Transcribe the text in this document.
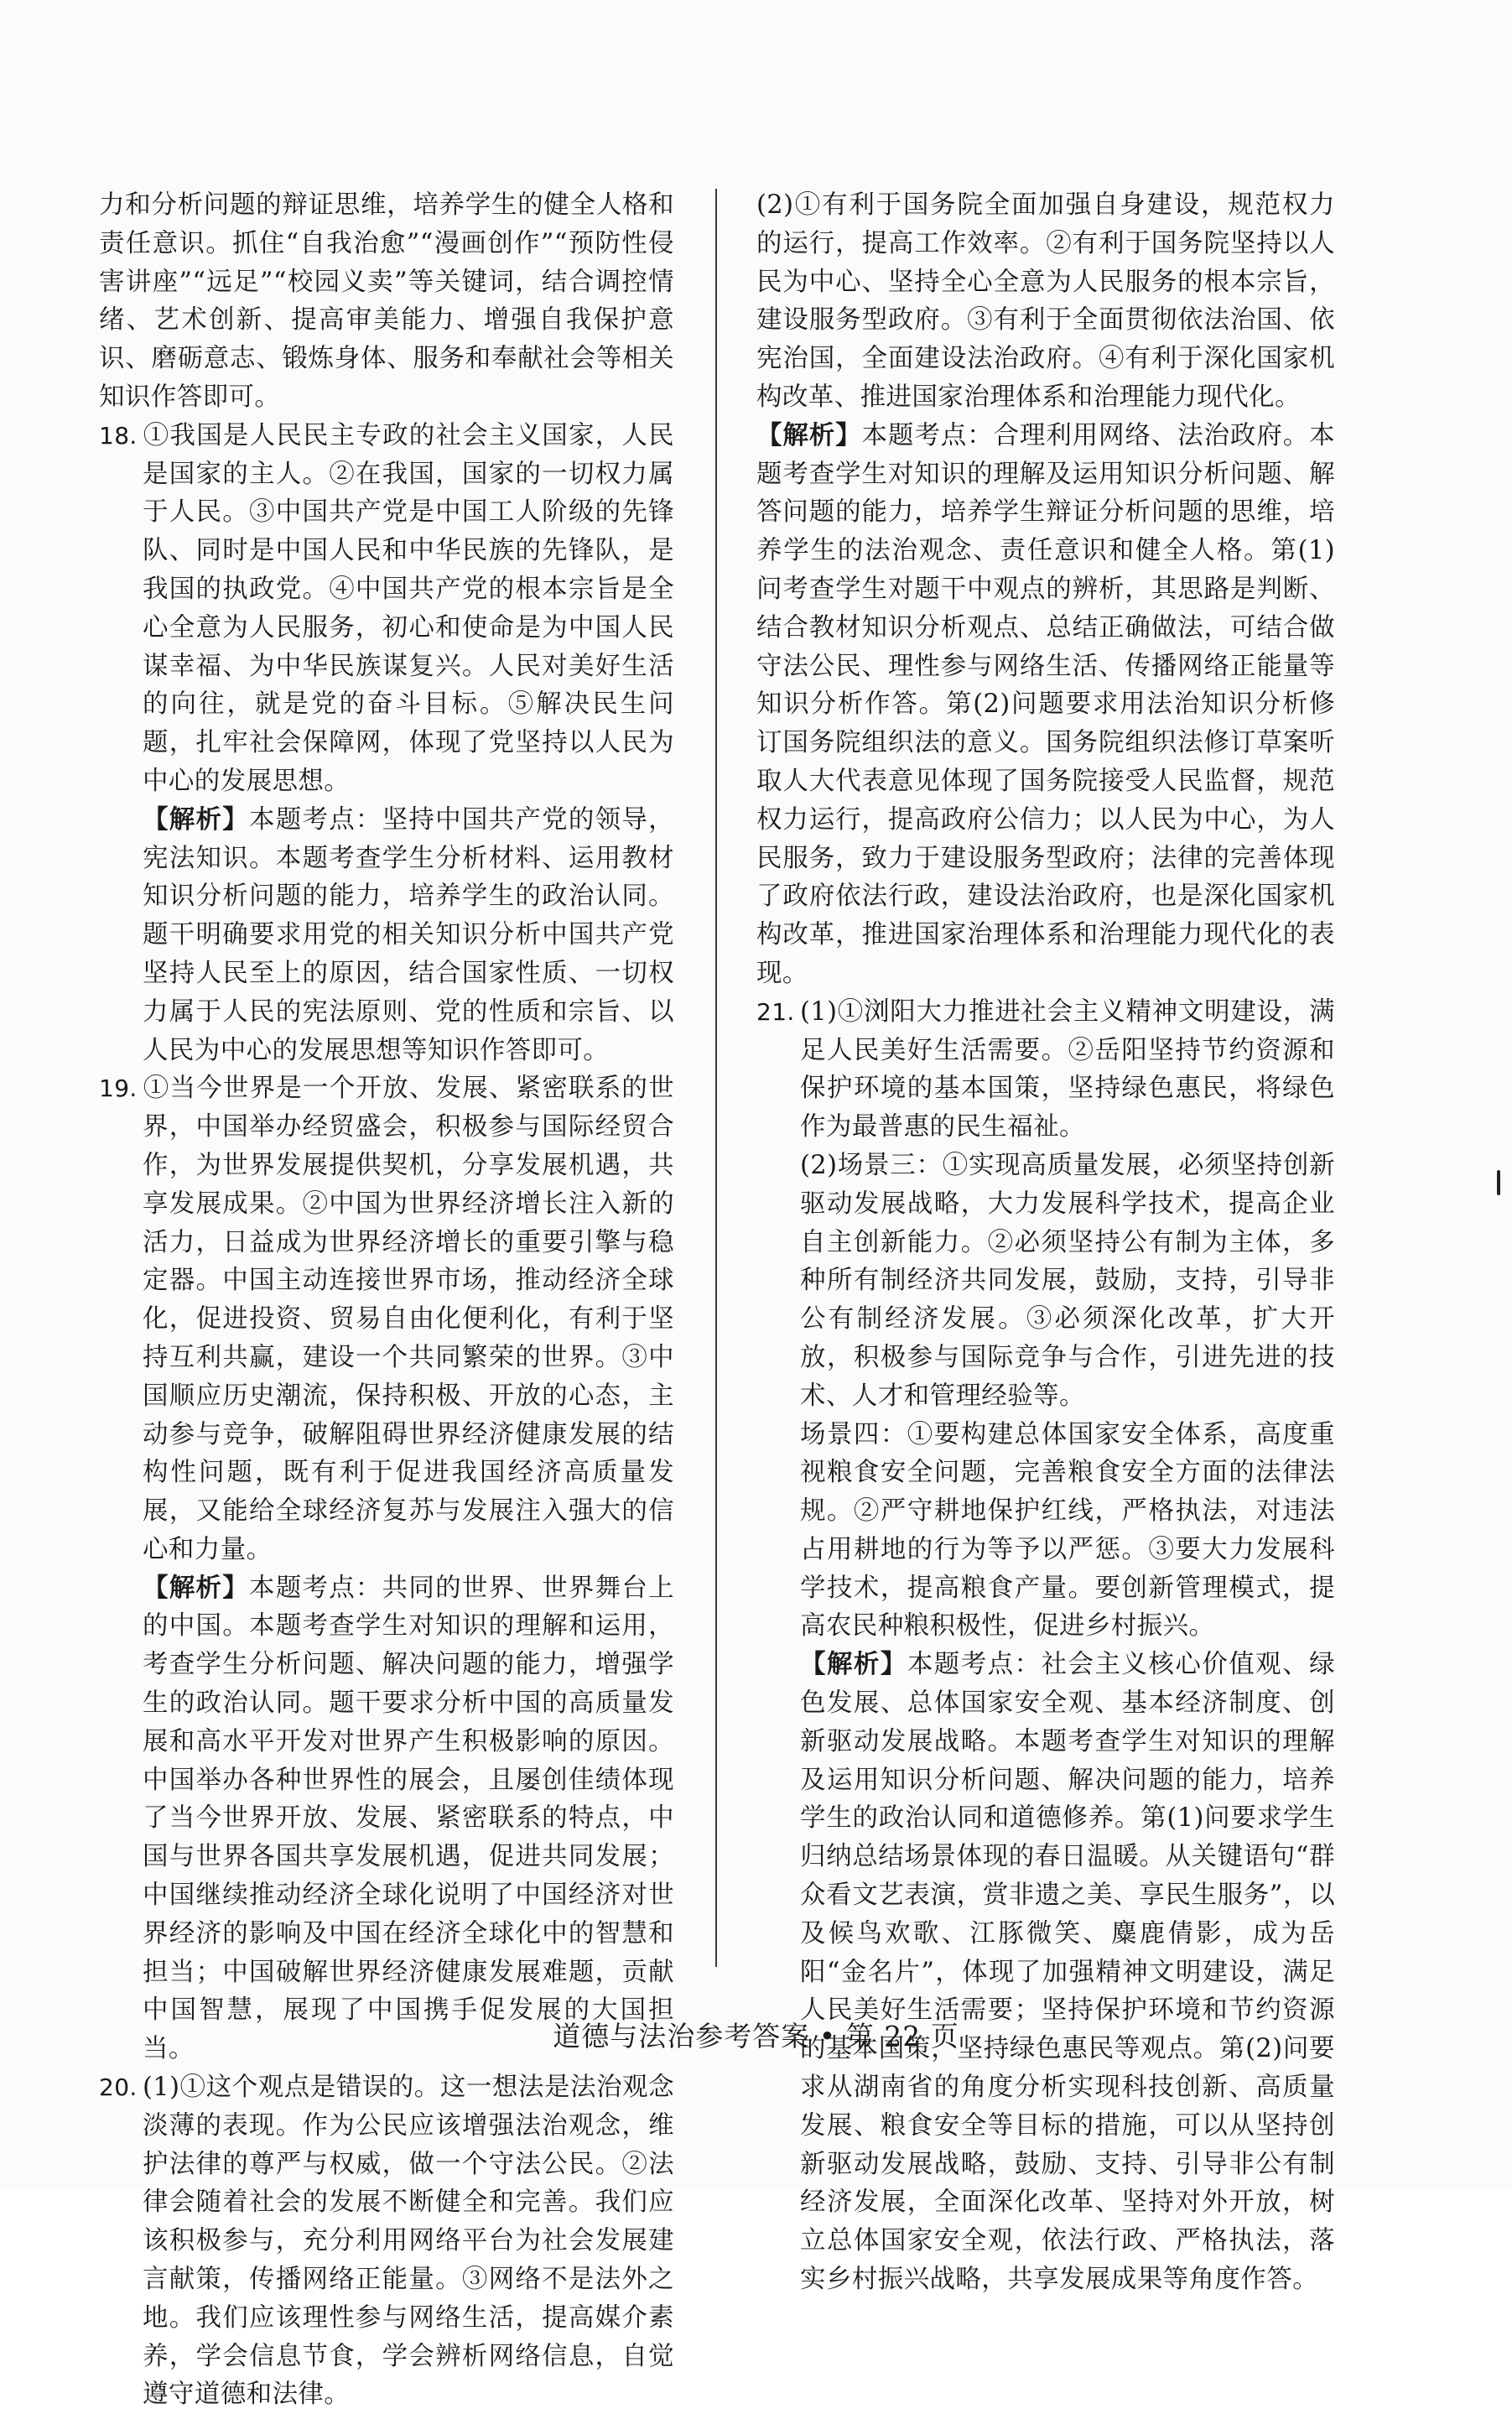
力和分析问题的辩证思维，培养学生的健全人格和责任意识。抓住“自我治愈”“漫画创作”“预防性侵害讲座”“远足”“校园义卖”等关键词，结合调控情绪、艺术创新、提高审美能力、增强自我保护意识、磨砺意志、锻炼身体、服务和奉献社会等相关知识作答即可。

18. ①我国是人民民主专政的社会主义国家，人民是国家的主人。②在我国，国家的一切权力属于人民。③中国共产党是中国工人阶级的先锋队、同时是中国人民和中华民族的先锋队，是我国的执政党。④中国共产党的根本宗旨是全心全意为人民服务，初心和使命是为中国人民谋幸福、为中华民族谋复兴。人民对美好生活的向往，就是党的奋斗目标。⑤解决民生问题，扎牢社会保障网，体现了党坚持以人民为中心的发展思想。

【解析】本题考点：坚持中国共产党的领导，宪法知识。本题考查学生分析材料、运用教材知识分析问题的能力，培养学生的政治认同。题干明确要求用党的相关知识分析中国共产党坚持人民至上的原因，结合国家性质、一切权力属于人民的宪法原则、党的性质和宗旨、以人民为中心的发展思想等知识作答即可。

19. ①当今世界是一个开放、发展、紧密联系的世界，中国举办经贸盛会，积极参与国际经贸合作，为世界发展提供契机，分享发展机遇，共享发展成果。②中国为世界经济增长注入新的活力，日益成为世界经济增长的重要引擎与稳定器。中国主动连接世界市场，推动经济全球化，促进投资、贸易自由化便利化，有利于坚持互利共赢，建设一个共同繁荣的世界。③中国顺应历史潮流，保持积极、开放的心态，主动参与竞争，破解阻碍世界经济健康发展的结构性问题，既有利于促进我国经济高质量发展，又能给全球经济复苏与发展注入强大的信心和力量。

【解析】本题考点：共同的世界、世界舞台上的中国。本题考查学生对知识的理解和运用，考查学生分析问题、解决问题的能力，增强学生的政治认同。题干要求分析中国的高质量发展和高水平开发对世界产生积极影响的原因。中国举办各种世界性的展会，且屡创佳绩体现了当今世界开放、发展、紧密联系的特点，中国与世界各国共享发展机遇，促进共同发展；中国继续推动经济全球化说明了中国经济对世界经济的影响及中国在经济全球化中的智慧和担当；中国破解世界经济健康发展难题，贡献中国智慧，展现了中国携手促发展的大国担当。

20. (1)①这个观点是错误的。这一想法是法治观念淡薄的表现。作为公民应该增强法治观念，维护法律的尊严与权威，做一个守法公民。②法律会随着社会的发展不断健全和完善。我们应该积极参与，充分利用网络平台为社会发展建言献策，传播网络正能量。③网络不是法外之地。我们应该理性参与网络生活，提高媒介素养，学会信息节食，学会辨析网络信息，自觉遵守道德和法律。

(2)①有利于国务院全面加强自身建设，规范权力的运行，提高工作效率。②有利于国务院坚持以人民为中心、坚持全心全意为人民服务的根本宗旨，建设服务型政府。③有利于全面贯彻依法治国、依宪治国，全面建设法治政府。④有利于深化国家机构改革、推进国家治理体系和治理能力现代化。

【解析】本题考点：合理利用网络、法治政府。本题考查学生对知识的理解及运用知识分析问题、解答问题的能力，培养学生辩证分析问题的思维，培养学生的法治观念、责任意识和健全人格。第(1)问考查学生对题干中观点的辨析，其思路是判断、结合教材知识分析观点、总结正确做法，可结合做守法公民、理性参与网络生活、传播网络正能量等知识分析作答。第(2)问题要求用法治知识分析修订国务院组织法的意义。国务院组织法修订草案听取人大代表意见体现了国务院接受人民监督，规范权力运行，提高政府公信力；以人民为中心，为人民服务，致力于建设服务型政府；法律的完善体现了政府依法行政，建设法治政府，也是深化国家机构改革，推进国家治理体系和治理能力现代化的表现。

21. (1)①浏阳大力推进社会主义精神文明建设，满足人民美好生活需要。②岳阳坚持节约资源和保护环境的基本国策，坚持绿色惠民，将绿色作为最普惠的民生福祉。

(2)场景三：①实现高质量发展，必须坚持创新驱动发展战略，大力发展科学技术，提高企业自主创新能力。②必须坚持公有制为主体，多种所有制经济共同发展，鼓励，支持，引导非公有制经济发展。③必须深化改革，扩大开放，积极参与国际竞争与合作，引进先进的技术、人才和管理经验等。

场景四：①要构建总体国家安全体系，高度重视粮食安全问题，完善粮食安全方面的法律法规。②严守耕地保护红线，严格执法，对违法占用耕地的行为等予以严惩。③要大力发展科学技术，提高粮食产量。要创新管理模式，提高农民种粮积极性，促进乡村振兴。

【解析】本题考点：社会主义核心价值观、绿色发展、总体国家安全观、基本经济制度、创新驱动发展战略。本题考查学生对知识的理解及运用知识分析问题、解决问题的能力，培养学生的政治认同和道德修养。第(1)问要求学生归纳总结场景体现的春日温暖。从关键语句“群众看文艺表演，赏非遗之美、享民生服务”，以及候鸟欢歌、江豚微笑、麋鹿倩影，成为岳阳“金名片”，体现了加强精神文明建设，满足人民美好生活需要；坚持保护环境和节约资源的基本国策，坚持绿色惠民等观点。第(2)问要求从湖南省的角度分析实现科技创新、高质量发展、粮食安全等目标的措施，可以从坚持创新驱动发展战略，鼓励、支持、引导非公有制经济发展，全面深化改革、坚持对外开放，树立总体国家安全观，依法行政、严格执法，落实乡村振兴战略，共享发展成果等角度作答。

道德与法治参考答案 • 第 22 页
